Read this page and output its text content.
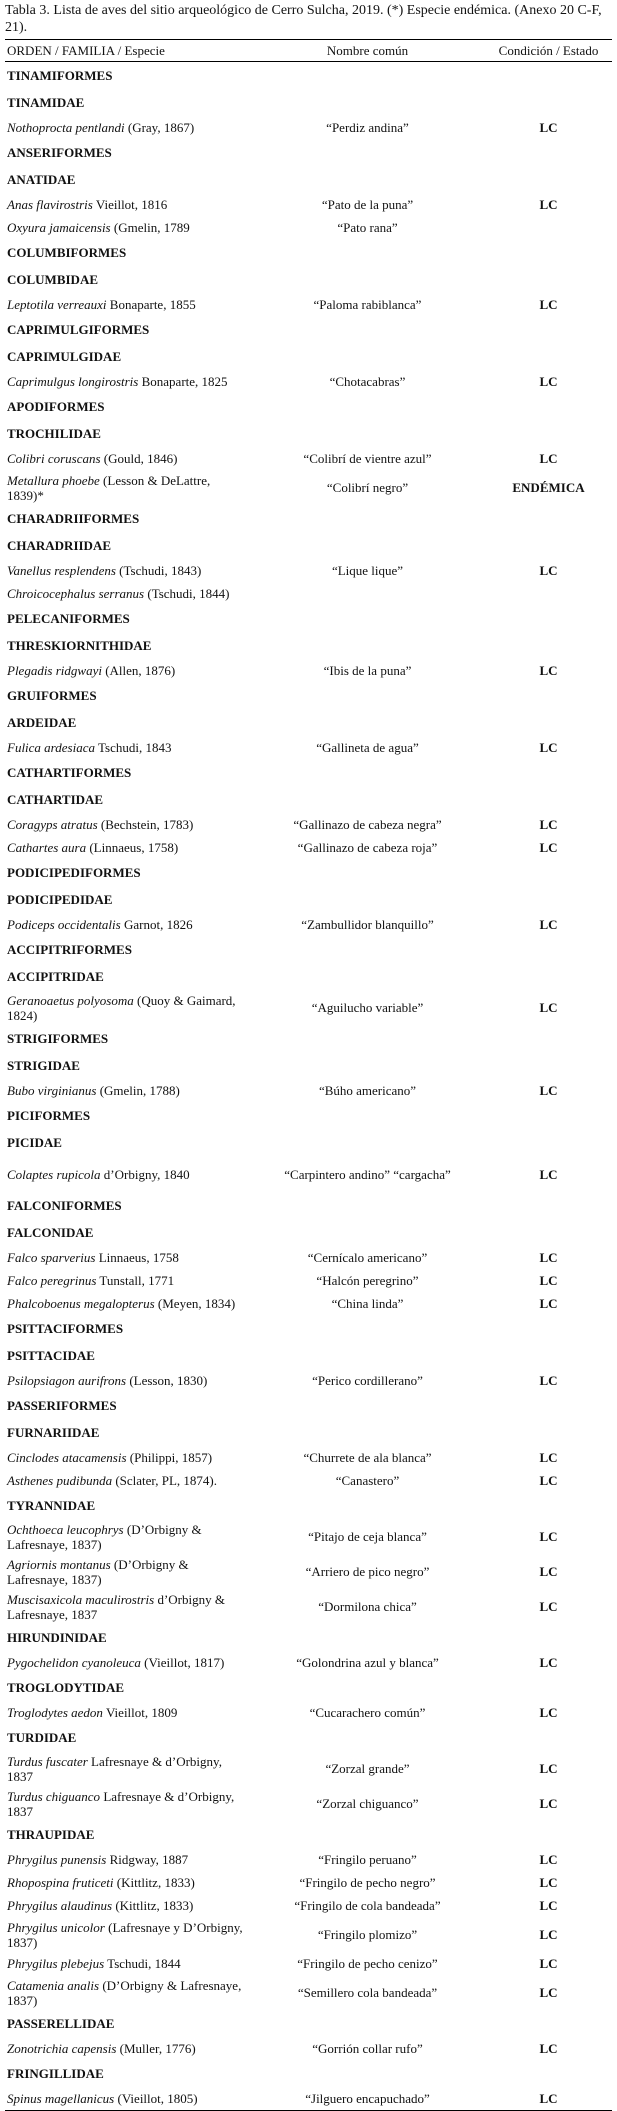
Tabla 3. Lista de aves del sitio arqueológico de Cerro Sulcha, 2019. (*) Especie endémica. (Anexo 20 C-F, 21).
ORDEN / FAMILIA / Especie	Nombre común	Condición / Estado
TINAMIFORMES		
TINAMIDAE		
Nothoprocta pentlandi (Gray, 1867)	“Perdiz andina”	LC
ANSERIFORMES		
ANATIDAE		
Anas flavirostris Vieillot, 1816	“Pato de la puna”	LC
Oxyura jamaicensis (Gmelin, 1789	“Pato rana”	
COLUMBIFORMES		
COLUMBIDAE		
Leptotila verreauxi Bonaparte, 1855	“Paloma rabiblanca”	LC
CAPRIMULGIFORMES		
CAPRIMULGIDAE		
Caprimulgus longirostris Bonaparte, 1825	“Chotacabras”	LC
APODIFORMES		
TROCHILIDAE		
Colibri coruscans (Gould, 1846)	“Colibrí de vientre azul”	LC
Metallura phoebe (Lesson & DeLattre, 1839)*	“Colibrí negro”	ENDÉMICA
CHARADRIIFORMES		
CHARADRIIDAE		
Vanellus resplendens (Tschudi, 1843)	“Lique lique”	LC
Chroicocephalus serranus (Tschudi, 1844)		
PELECANIFORMES		
THRESKIORNITHIDAE		
Plegadis ridgwayi (Allen, 1876)	“Ibis de la puna”	LC
GRUIFORMES		
ARDEIDAE		
Fulica ardesiaca Tschudi, 1843	“Gallineta de agua”	LC
CATHARTIFORMES		
CATHARTIDAE		
Coragyps atratus (Bechstein, 1783)	“Gallinazo de cabeza negra”	LC
Cathartes aura (Linnaeus, 1758)	“Gallinazo de cabeza roja”	LC
PODICIPEDIFORMES		
PODICIPEDIDAE		
Podiceps occidentalis Garnot, 1826	“Zambullidor blanquillo”	LC
ACCIPITRIFORMES		
ACCIPITRIDAE		
Geranoaetus polyosoma (Quoy & Gaimard, 1824)	“Aguilucho variable”	LC
STRIGIFORMES		
STRIGIDAE		
Bubo virginianus (Gmelin, 1788)	“Búho americano”	LC
PICIFORMES		
PICIDAE		
Colaptes rupicola d’Orbigny, 1840	“Carpintero andino” “cargacha”	LC
FALCONIFORMES		
FALCONIDAE		
Falco sparverius Linnaeus, 1758	“Cernícalo americano”	LC
Falco peregrinus Tunstall, 1771	“Halcón peregrino”	LC
Phalcoboenus megalopterus (Meyen, 1834)	“China linda”	LC
PSITTACIFORMES		
PSITTACIDAE		
Psilopsiagon aurifrons (Lesson, 1830)	“Perico cordillerano”	LC
PASSERIFORMES		
FURNARIIDAE		
Cinclodes atacamensis (Philippi, 1857)	“Churrete de ala blanca”	LC
Asthenes pudibunda (Sclater, PL, 1874).	“Canastero”	LC
TYRANNIDAE		
Ochthoeca leucophrys (D’Orbigny & Lafresnaye, 1837)	“Pitajo de ceja blanca”	LC
Agriornis montanus (D’Orbigny & Lafresnaye, 1837)	“Arriero de pico negro”	LC
Muscisaxicola maculirostris d’Orbigny & Lafresnaye, 1837	“Dormilona chica”	LC
HIRUNDINIDAE		
Pygochelidon cyanoleuca (Vieillot, 1817)	“Golondrina azul y blanca”	LC
TROGLODYTIDAE		
Troglodytes aedon Vieillot, 1809	“Cucarachero común”	LC
TURDIDAE		
Turdus fuscater Lafresnaye & d’Orbigny, 1837	“Zorzal grande”	LC
Turdus chiguanco Lafresnaye & d’Orbigny, 1837	“Zorzal chiguanco”	LC
THRAUPIDAE		
Phrygilus punensis Ridgway, 1887	“Fringilo peruano”	LC
Rhopospina fruticeti (Kittlitz, 1833)	“Fringilo de pecho negro”	LC
Phrygilus alaudinus (Kittlitz, 1833)	“Fringilo de cola bandeada”	LC
Phrygilus unicolor (Lafresnaye y D’Orbigny, 1837)	“Fringilo plomizo”	LC
Phrygilus plebejus Tschudi, 1844	“Fringilo de pecho cenizo”	LC
Catamenia analis (D’Orbigny & Lafresnaye, 1837)	“Semillero cola bandeada”	LC
PASSERELLIDAE		
Zonotrichia capensis (Muller, 1776)	“Gorrión collar rufo”	LC
FRINGILLIDAE		
Spinus magellanicus (Vieillot, 1805)	“Jilguero encapuchado”	LC
